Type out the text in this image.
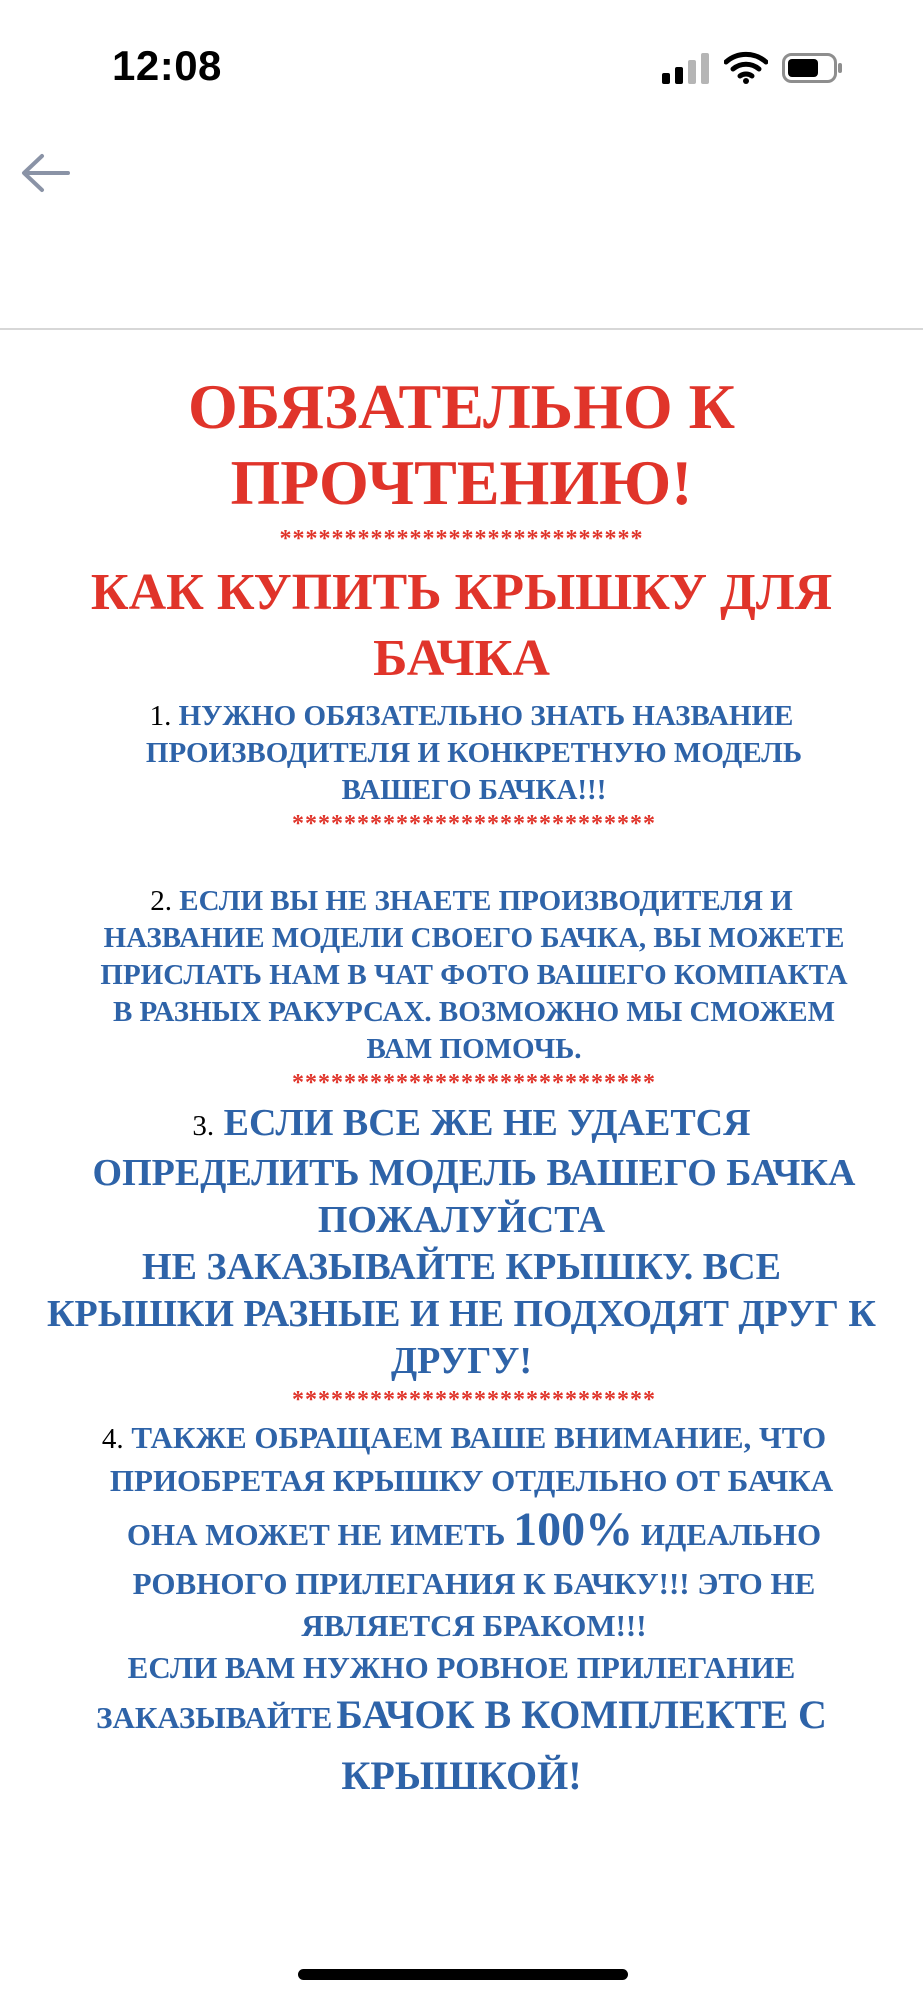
12:08
ОБЯЗАТЕЛЬНО К
ПРОЧТЕНИЮ!
****************************
КАК КУПИТЬ КРЫШКУ ДЛЯ
БАЧКА
1. НУЖНО ОБЯЗАТЕЛЬНО ЗНАТЬ НАЗВАНИЕ
ПРОИЗВОДИТЕЛЯ И КОНКРЕТНУЮ МОДЕЛЬ
ВАШЕГО БАЧКА!!!
****************************
2. ЕСЛИ ВЫ НЕ ЗНАЕТЕ ПРОИЗВОДИТЕЛЯ И
НАЗВАНИЕ МОДЕЛИ СВОЕГО БАЧКА, ВЫ МОЖЕТЕ
ПРИСЛАТЬ НАМ В ЧАТ ФОТО ВАШЕГО КОМПАКТА
В РАЗНЫХ РАКУРСАХ. ВОЗМОЖНО МЫ СМОЖЕМ
ВАМ ПОМОЧЬ.
****************************
3. ЕСЛИ ВСЕ ЖЕ НЕ УДАЕТСЯ
ОПРЕДЕЛИТЬ МОДЕЛЬ ВАШЕГО БАЧКА
ПОЖАЛУЙСТА
НЕ ЗАКАЗЫВАЙТЕ КРЫШКУ. ВСЕ
КРЫШКИ РАЗНЫЕ И НЕ ПОДХОДЯТ ДРУГ К
ДРУГУ!
****************************
4. ТАКЖЕ ОБРАЩАЕМ ВАШЕ ВНИМАНИЕ, ЧТО
ПРИОБРЕТАЯ КРЫШКУ ОТДЕЛЬНО ОТ БАЧКА
ОНА МОЖЕТ НЕ ИМЕТЬ 100% ИДЕАЛЬНО
РОВНОГО ПРИЛЕГАНИЯ К БАЧКУ!!! ЭТО НЕ
ЯВЛЯЕТСЯ БРАКОМ!!!
ЕСЛИ ВАМ НУЖНО РОВНОЕ ПРИЛЕГАНИЕ
ЗАКАЗЫВАЙТЕ БАЧОК В КОМПЛЕКТЕ С
КРЫШКОЙ!
